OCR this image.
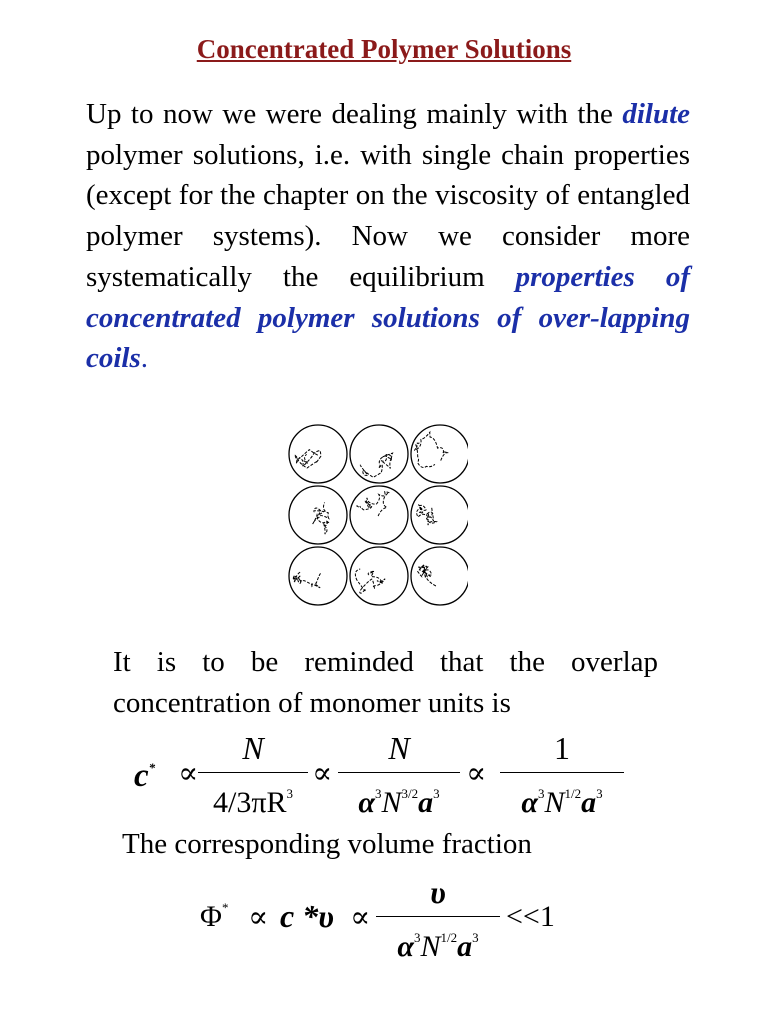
Concentrated Polymer Solutions
Up to now we were dealing mainly with the dilute polymer solutions, i.e. with single chain properties (except for the chapter on the viscosity of entangled polymer systems). Now we consider more systematically the equilibrium properties of concentrated polymer solutions of over-lapping coils.
It is to be reminded that the overlap concentration of monomer units is
c* ∝
N
$4/3\pi R^3$
∝
N
$\alpha^3N^{3/2}a^3$
∝
1
$\alpha^3N^{1/2}a^3$
The corresponding volume fraction
Φ* ∝ c *υ ∝
υ
$\alpha^3N^{1/2}a^3$
<<1
